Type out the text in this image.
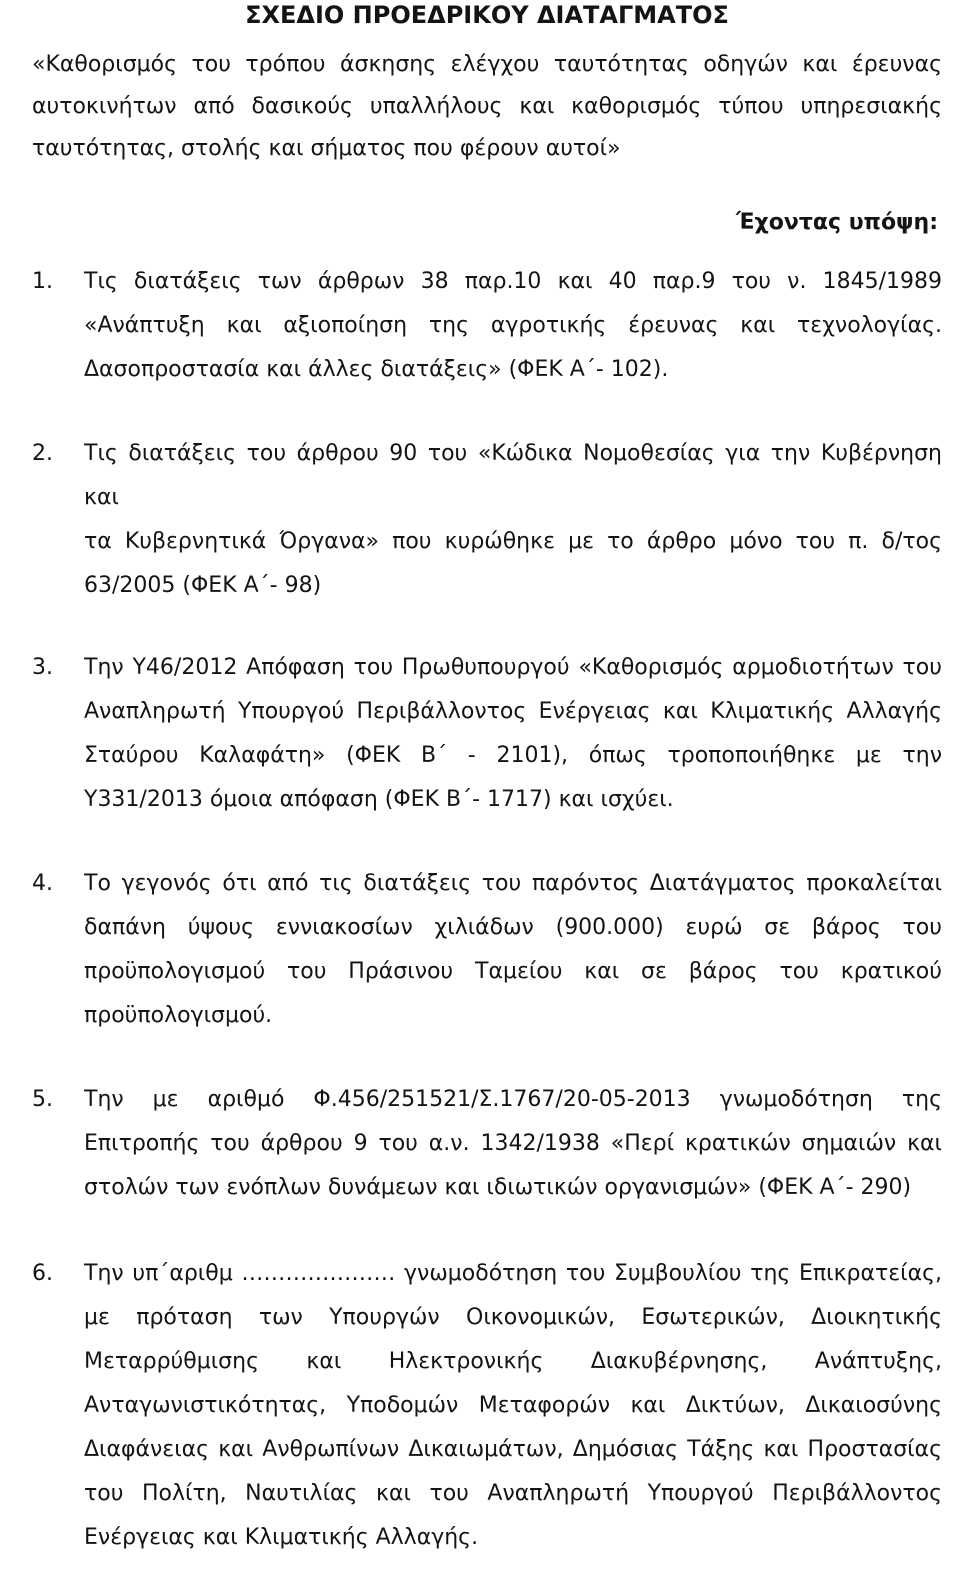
ΣΧΕΔΙΟ ΠΡΟΕΔΡΙΚΟΥ ΔΙΑΤΑΓΜΑΤΟΣ
«Καθορισμός του τρόπου άσκησης ελέγχου ταυτότητας οδηγών και έρευνας
αυτοκινήτων από δασικούς υπαλλήλους και καθορισμός τύπου υπηρεσιακής
ταυτότητας, στολής και σήματος που φέρουν αυτοί»
Έχοντας υπόψη:
1. Τις διατάξεις των άρθρων 38 παρ.10 και 40 παρ.9 του ν. 1845/1989
«Ανάπτυξη και αξιοποίηση της αγροτικής έρευνας και τεχνολογίας.
Δασοπροστασία και άλλες διατάξεις» (ΦΕΚ Α΄- 102).
2. Τις διατάξεις του άρθρου 90 του «Κώδικα Νομοθεσίας για την Κυβέρνηση και
τα Κυβερνητικά Όργανα» που κυρώθηκε με το άρθρο μόνο του π. δ/τος
63/2005 (ΦΕΚ Α΄- 98)
3. Την Υ46/2012 Απόφαση του Πρωθυπουργού «Καθορισμός αρμοδιοτήτων του
Αναπληρωτή Υπουργού Περιβάλλοντος Ενέργειας και Κλιματικής Αλλαγής
Σταύρου Καλαφάτη» (ΦΕΚ Β΄ - 2101), όπως τροποποιήθηκε με την
Υ331/2013 όμοια απόφαση (ΦΕΚ Β΄- 1717) και ισχύει.
4. Το γεγονός ότι από τις διατάξεις του παρόντος Διατάγματος προκαλείται
δαπάνη ύψους εννιακοσίων χιλιάδων (900.000) ευρώ σε βάρος του
προϋπολογισμού του Πράσινου Ταμείου και σε βάρος του κρατικού
προϋπολογισμού.
5. Την με αριθμό Φ.456/251521/Σ.1767/20-05-2013 γνωμοδότηση της
Επιτροπής του άρθρου 9 του α.ν. 1342/1938 «Περί κρατικών σημαιών και
στολών των ενόπλων δυνάμεων και ιδιωτικών οργανισμών» (ΦΕΚ Α΄- 290)
6. Την υπ΄αριθμ ………………… γνωμοδότηση του Συμβουλίου της Επικρατείας,
με πρόταση των Υπουργών Οικονομικών, Εσωτερικών, Διοικητικής
Μεταρρύθμισης και Ηλεκτρονικής Διακυβέρνησης, Ανάπτυξης,
Ανταγωνιστικότητας, Υποδομών Μεταφορών και Δικτύων, Δικαιοσύνης
Διαφάνειας και Ανθρωπίνων Δικαιωμάτων, Δημόσιας Τάξης και Προστασίας
του Πολίτη, Ναυτιλίας και του Αναπληρωτή Υπουργού Περιβάλλοντος
Ενέργειας και Κλιματικής Αλλαγής.
